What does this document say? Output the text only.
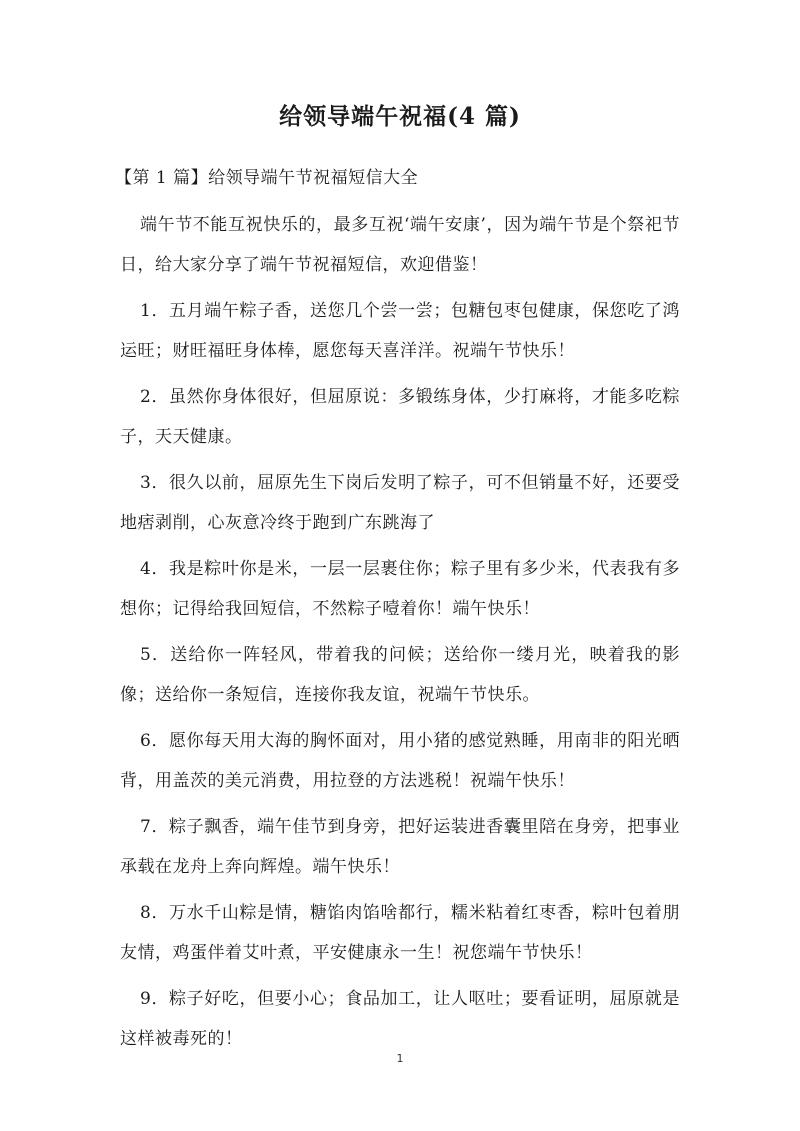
给领导端午祝福(4 篇)
【第 1 篇】给领导端午节祝福短信大全

端午节不能互祝快乐的，最多互祝‘端午安康’，因为端午节是个祭祀节日，给大家分享了端午节祝福短信，欢迎借鉴！

1．五月端午粽子香，送您几个尝一尝；包糖包枣包健康，保您吃了鸿运旺；财旺福旺身体棒，愿您每天喜洋洋。祝端午节快乐！

2．虽然你身体很好，但屈原说：多锻练身体，少打麻将，才能多吃粽子，天天健康。

3．很久以前，屈原先生下岗后发明了粽子，可不但销量不好，还要受地痞剥削，心灰意冷终于跑到广东跳海了

4．我是粽叶你是米，一层一层裹住你；粽子里有多少米，代表我有多想你；记得给我回短信，不然粽子噎着你！端午快乐！

5．送给你一阵轻风，带着我的问候；送给你一缕月光，映着我的影像；送给你一条短信，连接你我友谊，祝端午节快乐。

6．愿你每天用大海的胸怀面对，用小猪的感觉熟睡，用南非的阳光晒背，用盖茨的美元消费，用拉登的方法逃税！祝端午快乐！

7．粽子飘香，端午佳节到身旁，把好运装进香囊里陪在身旁，把事业承载在龙舟上奔向辉煌。端午快乐！

8．万水千山粽是情，糖馅肉馅啥都行，糯米粘着红枣香，粽叶包着朋友情，鸡蛋伴着艾叶煮，平安健康永一生！祝您端午节快乐！

9．粽子好吃，但要小心；食品加工，让人呕吐；要看证明，屈原就是这样被毒死的！

1
